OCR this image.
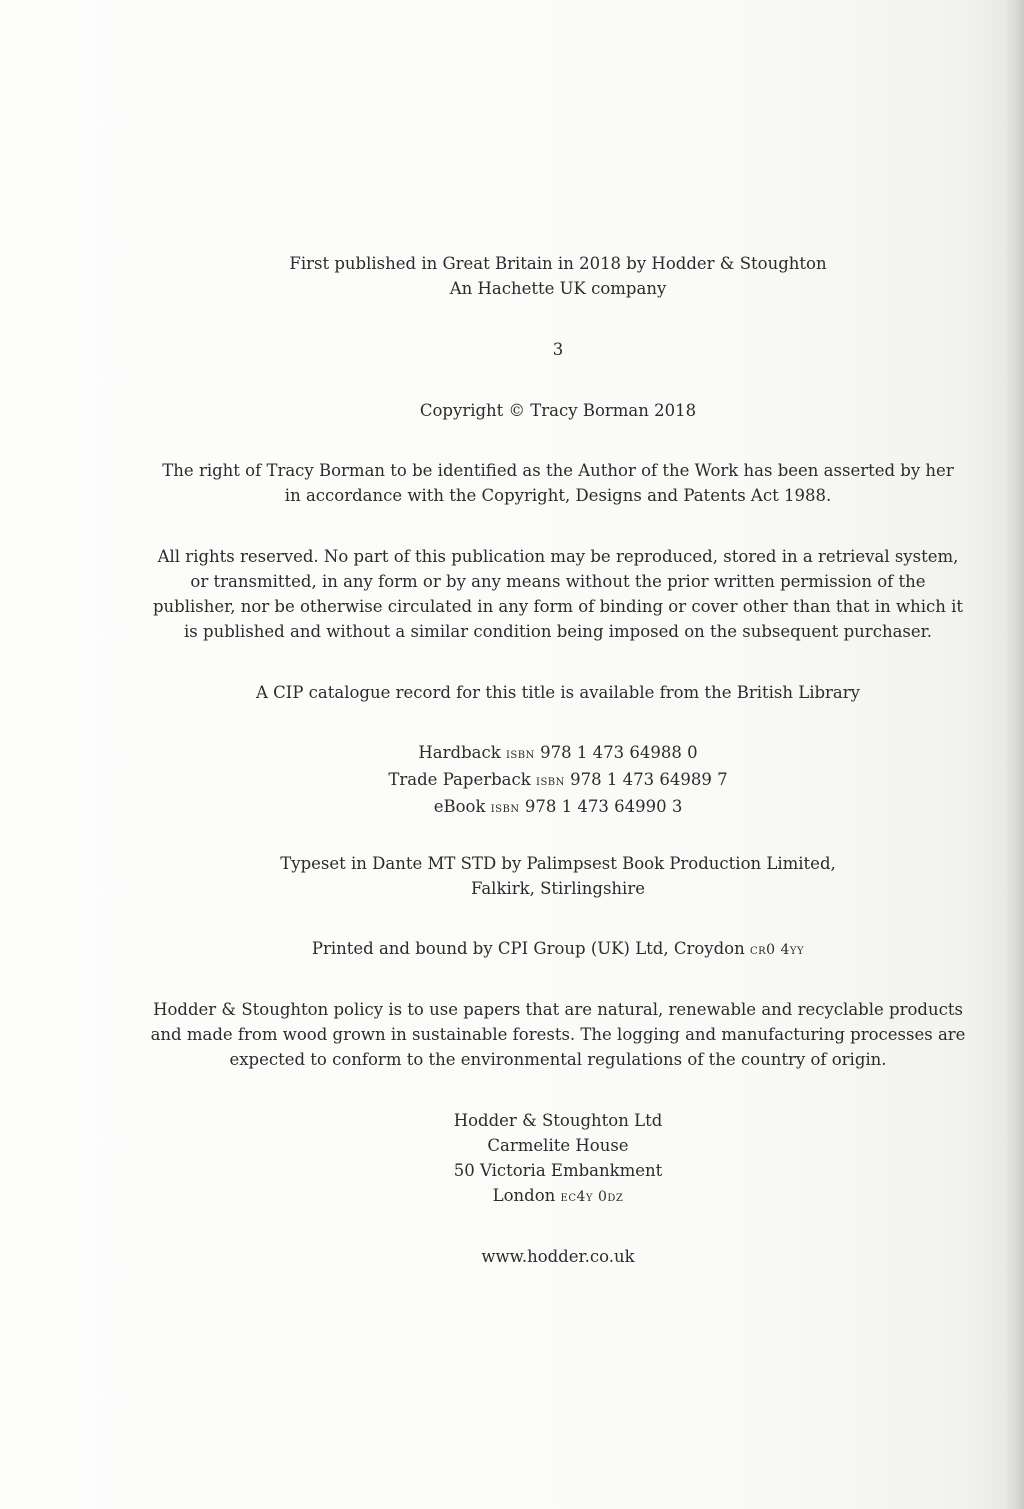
First published in Great Britain in 2018 by Hodder & Stoughton
An Hachette UK company
3
Copyright © Tracy Borman 2018
The right of Tracy Borman to be identified as the Author of the Work has been asserted by her
in accordance with the Copyright, Designs and Patents Act 1988.
All rights reserved. No part of this publication may be reproduced, stored in a retrieval system,
or transmitted, in any form or by any means without the prior written permission of the
publisher, nor be otherwise circulated in any form of binding or cover other than that in which it
is published and without a similar condition being imposed on the subsequent purchaser.
A CIP catalogue record for this title is available from the British Library
Hardback isbn 978 1 473 64988 0
Trade Paperback isbn 978 1 473 64989 7
eBook isbn 978 1 473 64990 3
Typeset in Dante MT STD by Palimpsest Book Production Limited,
Falkirk, Stirlingshire
Printed and bound by CPI Group (UK) Ltd, Croydon cr0 4yy
Hodder & Stoughton policy is to use papers that are natural, renewable and recyclable products
and made from wood grown in sustainable forests. The logging and manufacturing processes are
expected to conform to the environmental regulations of the country of origin.
Hodder & Stoughton Ltd
Carmelite House
50 Victoria Embankment
London ec4y 0dz
www.hodder.co.uk
